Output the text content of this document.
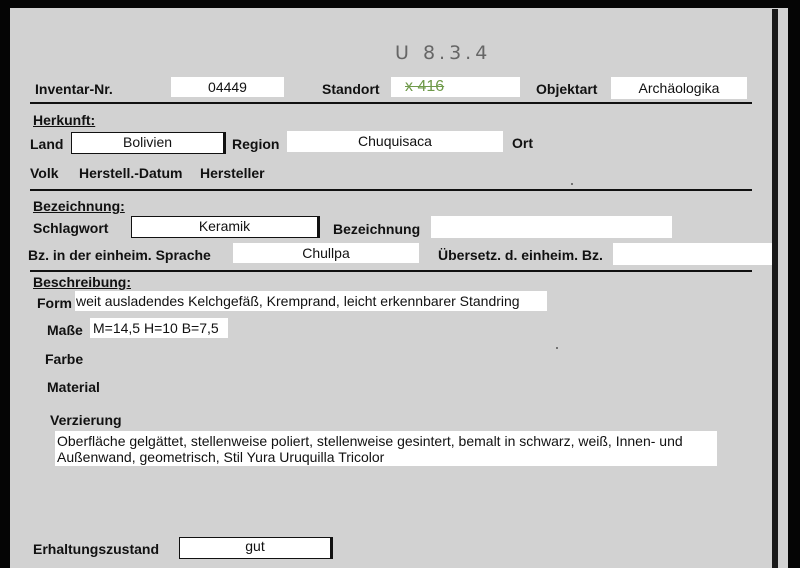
U 8.3.4
Inventar-Nr.	04449	Standort x 416	Objektart	Archäologika
Herkunft:
Land	Bolivien	Region	Chuquisaca	Ort
Volk Herstell.-Datum Hersteller
Bezeichnung:
Schlagwort	Keramik	Bezeichnung
Bz. in der einheim. Sprache	Chullpa	Übersetz. d. einheim. Bz.
Beschreibung:
Form weit ausladendes Kelchgefäß, Kremprand, leicht erkennbarer Standring
Maße M=14,5 H=10 B=7,5
Farbe
Material
Verzierung
Oberfläche gelgättet, stellenweise poliert, stellenweise gesintert, bemalt in schwarz, weiß, Innen- und
Außenwand, geometrisch, Stil Yura Uruquilla Tricolor
Erhaltungszustand	gut
